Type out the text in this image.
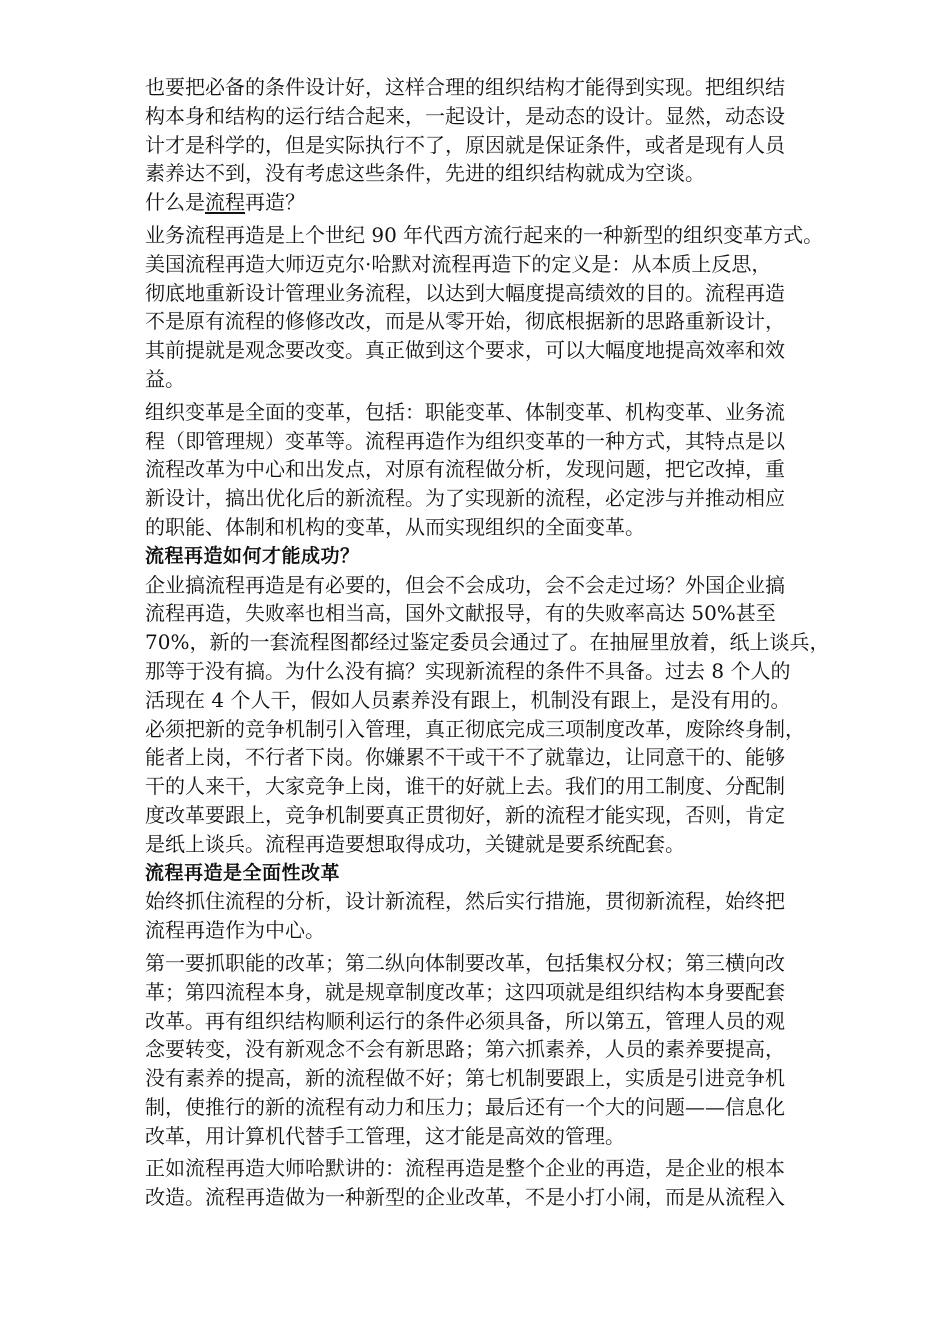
也要把必备的条件设计好，这样合理的组织结构才能得到实现。把组织结
构本身和结构的运行结合起来，一起设计，是动态的设计。显然，动态设
计才是科学的，但是实际执行不了，原因就是保证条件，或者是现有人员
素养达不到，没有考虑这些条件，先进的组织结构就成为空谈。

什么是流程再造？

业务流程再造是上个世纪 90 年代西方流行起来的一种新型的组织变革方式。
美国流程再造大师迈克尔·哈默对流程再造下的定义是：从本质上反思，
彻底地重新设计管理业务流程，以达到大幅度提高绩效的目的。流程再造
不是原有流程的修修改改，而是从零开始，彻底根据新的思路重新设计，
其前提就是观念要改变。真正做到这个要求，可以大幅度地提高效率和效
益。

组织变革是全面的变革，包括：职能变革、体制变革、机构变革、业务流
程（即管理规）变革等。流程再造作为组织变革的一种方式，其特点是以
流程改革为中心和出发点，对原有流程做分析，发现问题，把它改掉，重
新设计，搞出优化后的新流程。为了实现新的流程，必定涉与并推动相应
的职能、体制和机构的变革，从而实现组织的全面变革。

流程再造如何才能成功？

企业搞流程再造是有必要的，但会不会成功，会不会走过场？外国企业搞
流程再造，失败率也相当高，国外文献报导，有的失败率高达 50%甚至
70%，新的一套流程图都经过鉴定委员会通过了。在抽屉里放着，纸上谈兵，
那等于没有搞。为什么没有搞？实现新流程的条件不具备。过去 8 个人的
活现在 4 个人干，假如人员素养没有跟上，机制没有跟上，是没有用的。
必须把新的竞争机制引入管理，真正彻底完成三项制度改革，废除终身制，
能者上岗，不行者下岗。你嫌累不干或干不了就靠边，让同意干的、能够
干的人来干，大家竞争上岗，谁干的好就上去。我们的用工制度、分配制
度改革要跟上，竞争机制要真正贯彻好，新的流程才能实现，否则，肯定
是纸上谈兵。流程再造要想取得成功，关键就是要系统配套。

流程再造是全面性改革

始终抓住流程的分析，设计新流程，然后实行措施，贯彻新流程，始终把
流程再造作为中心。

第一要抓职能的改革；第二纵向体制要改革，包括集权分权；第三横向改
革；第四流程本身，就是规章制度改革；这四项就是组织结构本身要配套
改革。再有组织结构顺利运行的条件必须具备，所以第五，管理人员的观
念要转变，没有新观念不会有新思路；第六抓素养，人员的素养要提高，
没有素养的提高，新的流程做不好；第七机制要跟上，实质是引进竞争机
制，使推行的新的流程有动力和压力；最后还有一个大的问题——信息化
改革，用计算机代替手工管理，这才能是高效的管理。

正如流程再造大师哈默讲的：流程再造是整个企业的再造，是企业的根本
改造。流程再造做为一种新型的企业改革，不是小打小闹，而是从流程入
